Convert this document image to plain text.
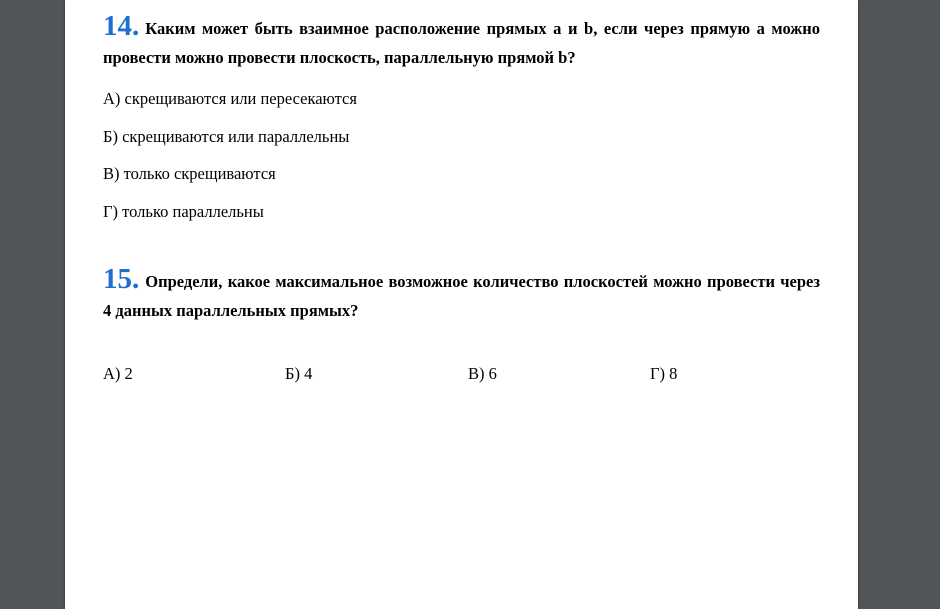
14. Каким может быть взаимное расположение прямых a и b, если через прямую a можно провести можно провести плоскость, параллельную прямой b?
А) скрещиваются или пересекаются
Б) скрещиваются или параллельны
В) только скрещиваются
Г) только параллельны
15. Определи, какое максимальное возможное количество плоскостей можно провести через 4 данных параллельных прямых?
А) 2	Б) 4	В) 6	Г) 8
